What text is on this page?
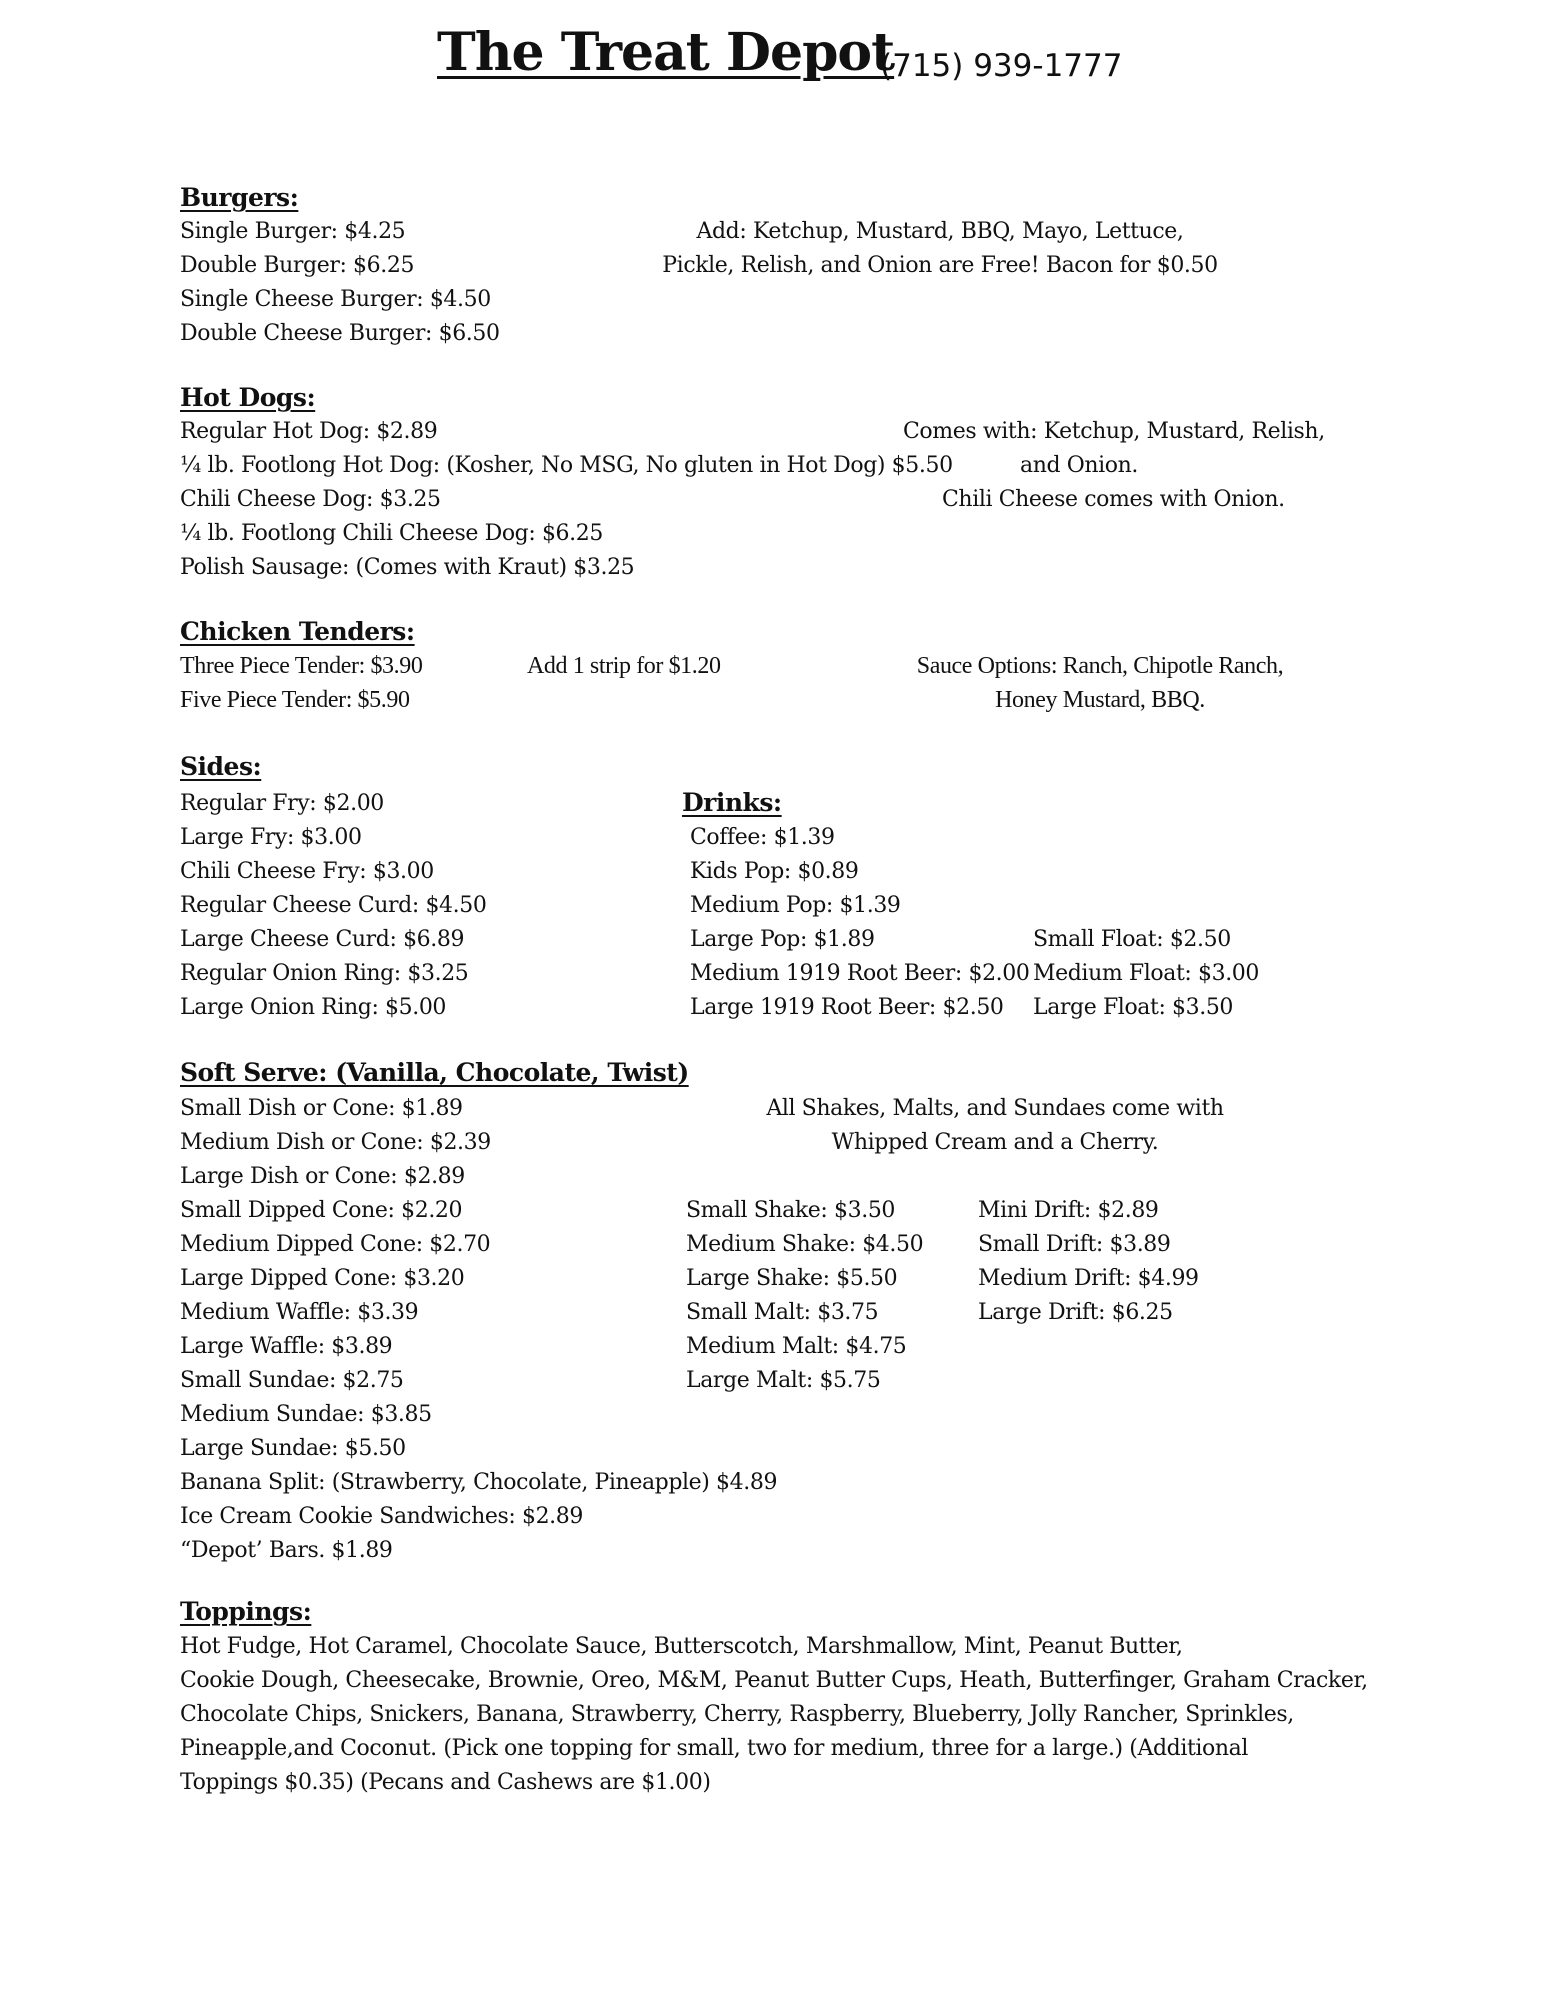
The Treat Depot
(715) 939-1777
Burgers:
Single Burger: $4.25
Double Burger: $6.25
Single Cheese Burger: $4.50
Double Cheese Burger: $6.50
Add: Ketchup, Mustard, BBQ, Mayo, Lettuce,
Pickle, Relish, and Onion are Free! Bacon for $0.50
Hot Dogs:
Regular Hot Dog: $2.89
¼ lb. Footlong Hot Dog: (Kosher, No MSG, No gluten in Hot Dog) $5.50
Chili Cheese Dog: $3.25
¼ lb. Footlong Chili Cheese Dog: $6.25
Polish Sausage: (Comes with Kraut) $3.25
Comes with: Ketchup, Mustard, Relish,
and Onion.
Chili Cheese comes with Onion.
Chicken Tenders:
Three Piece Tender: $3.90
Five Piece Tender: $5.90
Add 1 strip for $1.20	Sauce Options: Ranch, Chipotle Ranch,
Honey Mustard, BBQ.
Sides:
Regular Fry: $2.00
Large Fry: $3.00
Chili Cheese Fry: $3.00
Regular Cheese Curd: $4.50
Large Cheese Curd: $6.89
Regular Onion Ring: $3.25
Large Onion Ring: $5.00
Drinks:
Coffee: $1.39
Kids Pop: $0.89
Medium Pop: $1.39
Large Pop: $1.89
Medium 1919 Root Beer: $2.00
Large 1919 Root Beer: $2.50
Small Float: $2.50
Medium Float: $3.00
Large Float: $3.50
Soft Serve: (Vanilla, Chocolate, Twist)
Small Dish or Cone: $1.89
Medium Dish or Cone: $2.39
Large Dish or Cone: $2.89
Small Dipped Cone: $2.20
Medium Dipped Cone: $2.70
Large Dipped Cone: $3.20
Medium Waffle: $3.39
Large Waffle: $3.89
Small Sundae: $2.75
Medium Sundae: $3.85
Large Sundae: $5.50
Banana Split: (Strawberry, Chocolate, Pineapple) $4.89
Ice Cream Cookie Sandwiches: $2.89
“Depot’ Bars. $1.89
All Shakes, Malts, and Sundaes come with
Whipped Cream and a Cherry.
Small Shake: $3.50
Medium Shake: $4.50
Large Shake: $5.50
Small Malt: $3.75
Medium Malt: $4.75
Large Malt: $5.75
Mini Drift: $2.89
Small Drift: $3.89
Medium Drift: $4.99
Large Drift: $6.25
Toppings:
Hot Fudge, Hot Caramel, Chocolate Sauce, Butterscotch, Marshmallow, Mint, Peanut Butter,
Cookie Dough, Cheesecake, Brownie, Oreo, M&M, Peanut Butter Cups, Heath, Butterfinger, Graham Cracker,
Chocolate Chips, Snickers, Banana, Strawberry, Cherry, Raspberry, Blueberry, Jolly Rancher, Sprinkles,
Pineapple,and Coconut. (Pick one topping for small, two for medium, three for a large.) (Additional
Toppings $0.35) (Pecans and Cashews are $1.00)
